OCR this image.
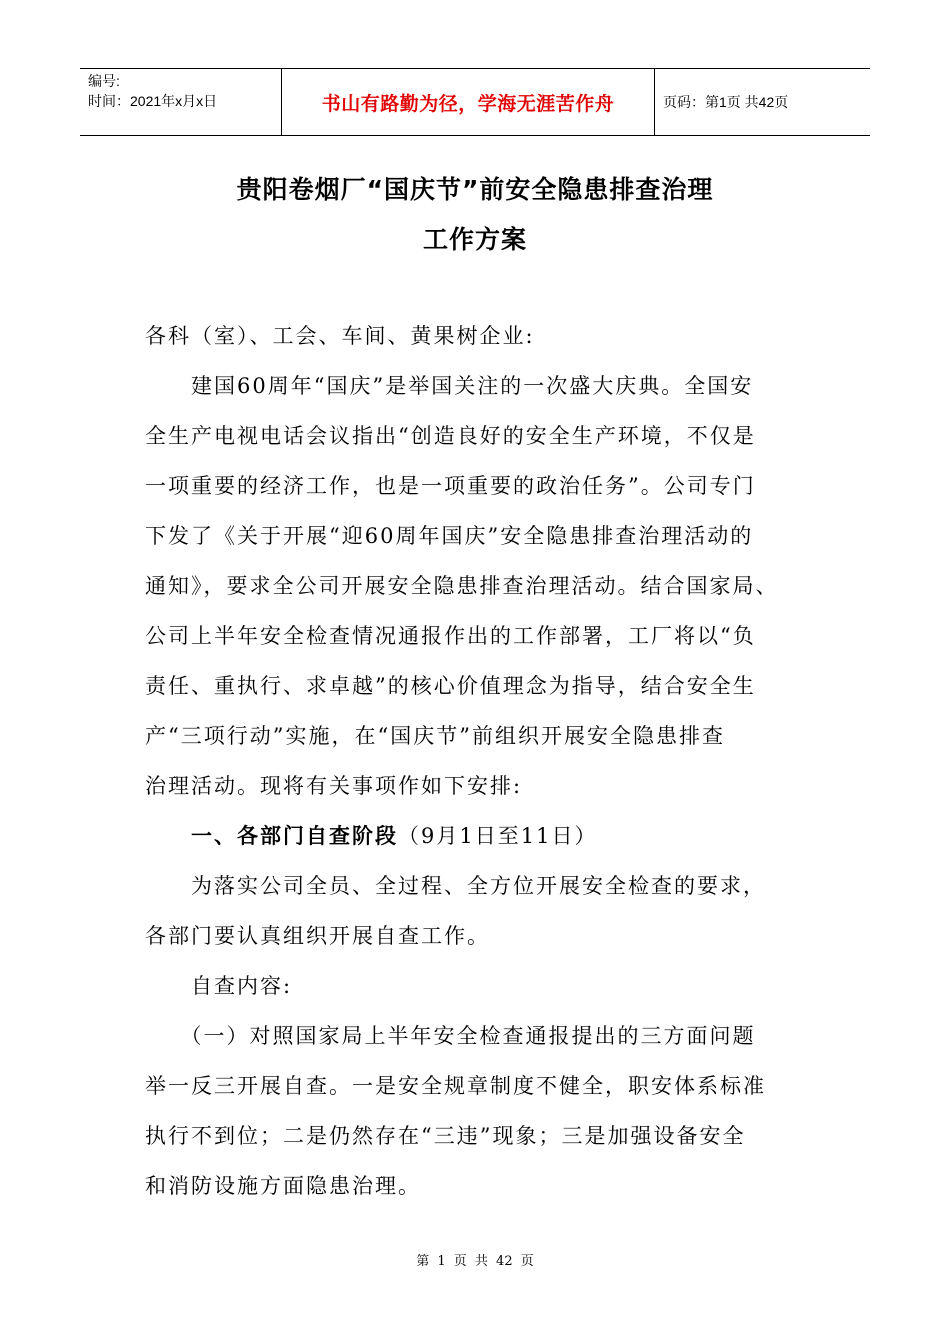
编号:
时间：2021年x月x日	书山有路勤为径，学海无涯苦作舟	页码：第1页 共42页
贵阳卷烟厂“国庆节”前安全隐患排查治理
工作方案
各科（室）、工会、车间、黄果树企业:
　　建国60周年“国庆”是举国关注的一次盛大庆典。全国安
全生产电视电话会议指出“创造良好的安全生产环境，不仅是
一项重要的经济工作，也是一项重要的政治任务”。公司专门
下发了《关于开展“迎60周年国庆”安全隐患排查治理活动的
通知》，要求全公司开展安全隐患排查治理活动。结合国家局、
公司上半年安全检查情况通报作出的工作部署，工厂将以“负
责任、重执行、求卓越”的核心价值理念为指导，结合安全生
产“三项行动”实施，在“国庆节”前组织开展安全隐患排查
治理活动。现将有关事项作如下安排:
　　一、各部门自查阶段（9月1日至11日）
　　为落实公司全员、全过程、全方位开展安全检查的要求，
各部门要认真组织开展自查工作。
　　自查内容:
　　（一）对照国家局上半年安全检查通报提出的三方面问题
举一反三开展自查。一是安全规章制度不健全，职安体系标准
执行不到位；二是仍然存在“三违”现象；三是加强设备安全
和消防设施方面隐患治理。
第 1 页 共 42 页
